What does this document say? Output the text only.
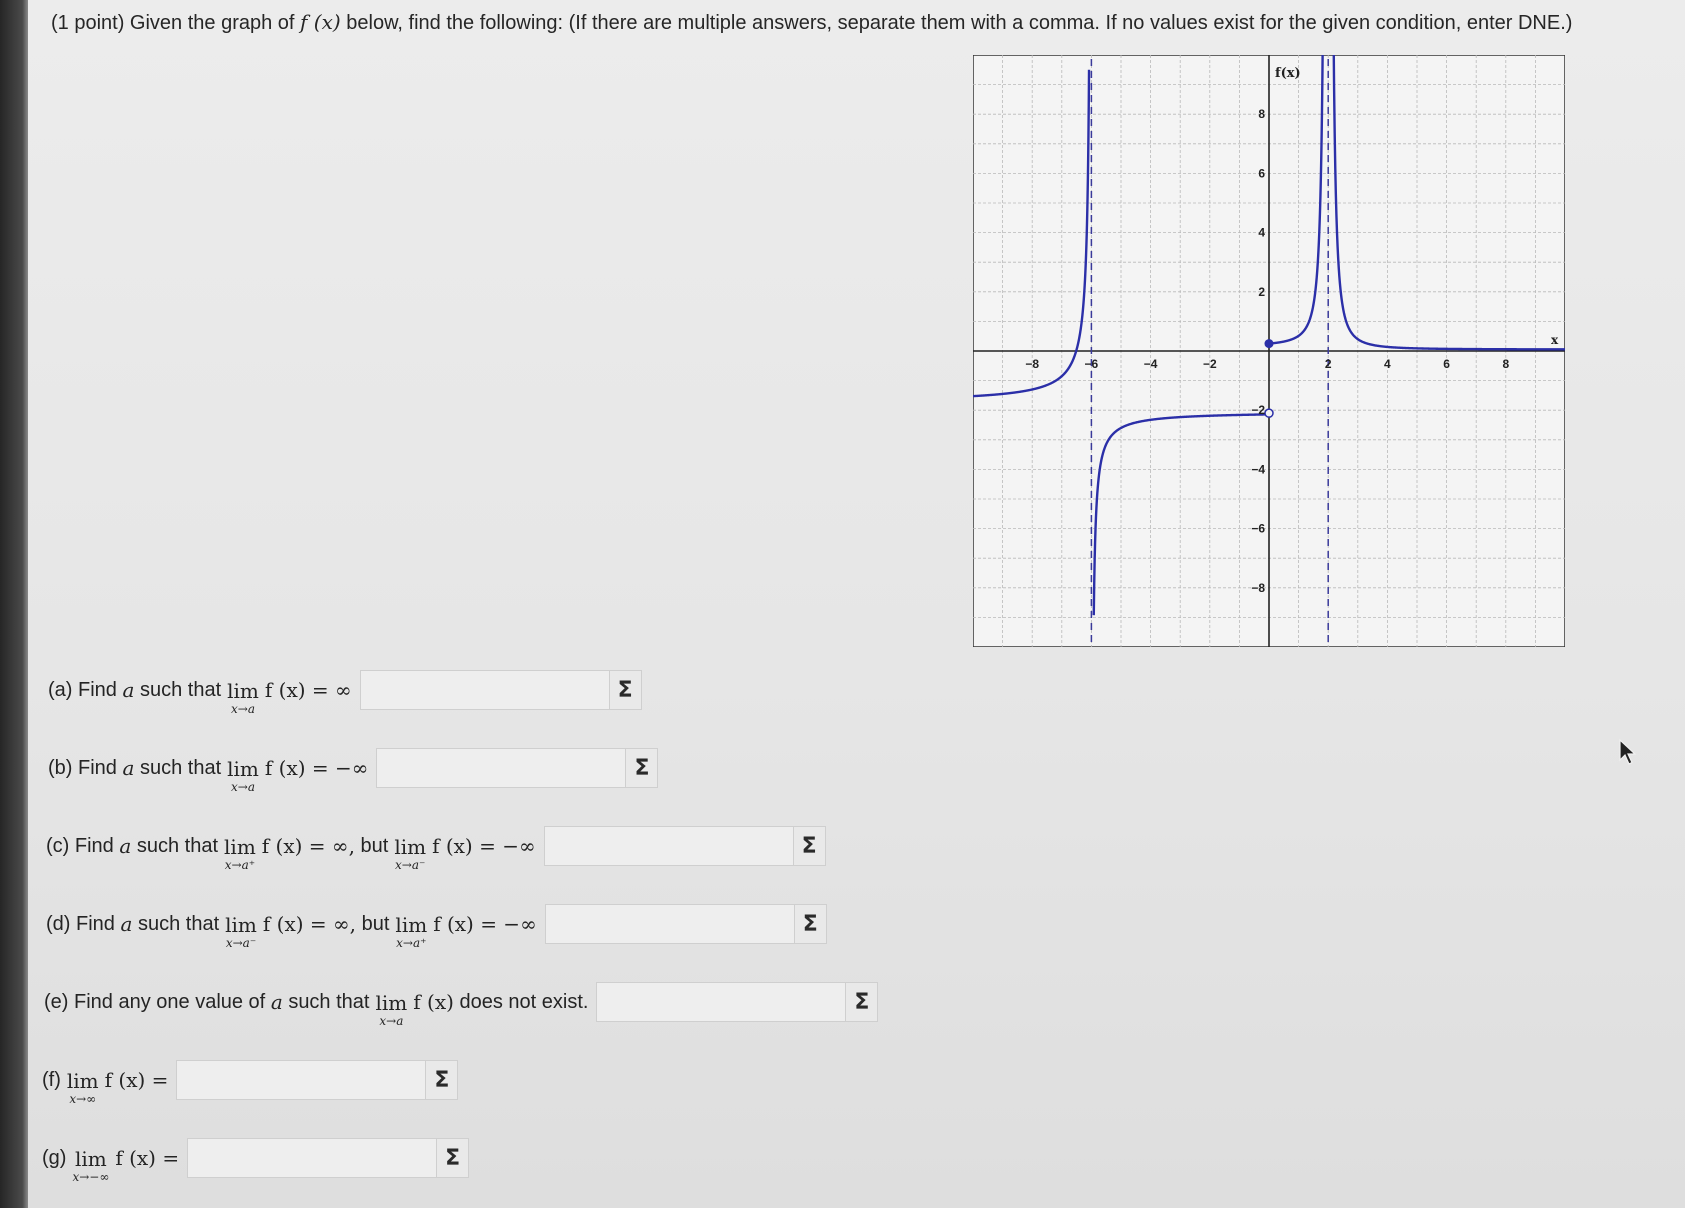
(1 point) Given the graph of f (x) below, find the following: (If there are multiple answers, separate them with a comma. If no values exist for the given condition, enter DNE.)
−8	−6	−4	−2	2	4	6	8
8
6
4
2
−2
−4
−6
−8
f(x)
x
(a) Find
a
such that lim
x→a
f (x) = ∞	Σ
(b) Find
a
such that lim
x→a
f (x) = −∞	Σ
(c) Find
a
such that lim
x→a⁺
f (x) = ∞,
but lim
x→a⁻
f (x) = −∞	Σ
(d) Find
a
such that lim
x→a⁻
f (x) = ∞,
but lim
x→a⁺
f (x) = −∞	Σ
(e) Find any one value of
a
such that lim
x→a
f (x)
does not exist.	Σ
(f) lim
x→∞
f (x) =	Σ
(g) lim
x→−∞
f (x) =	Σ
